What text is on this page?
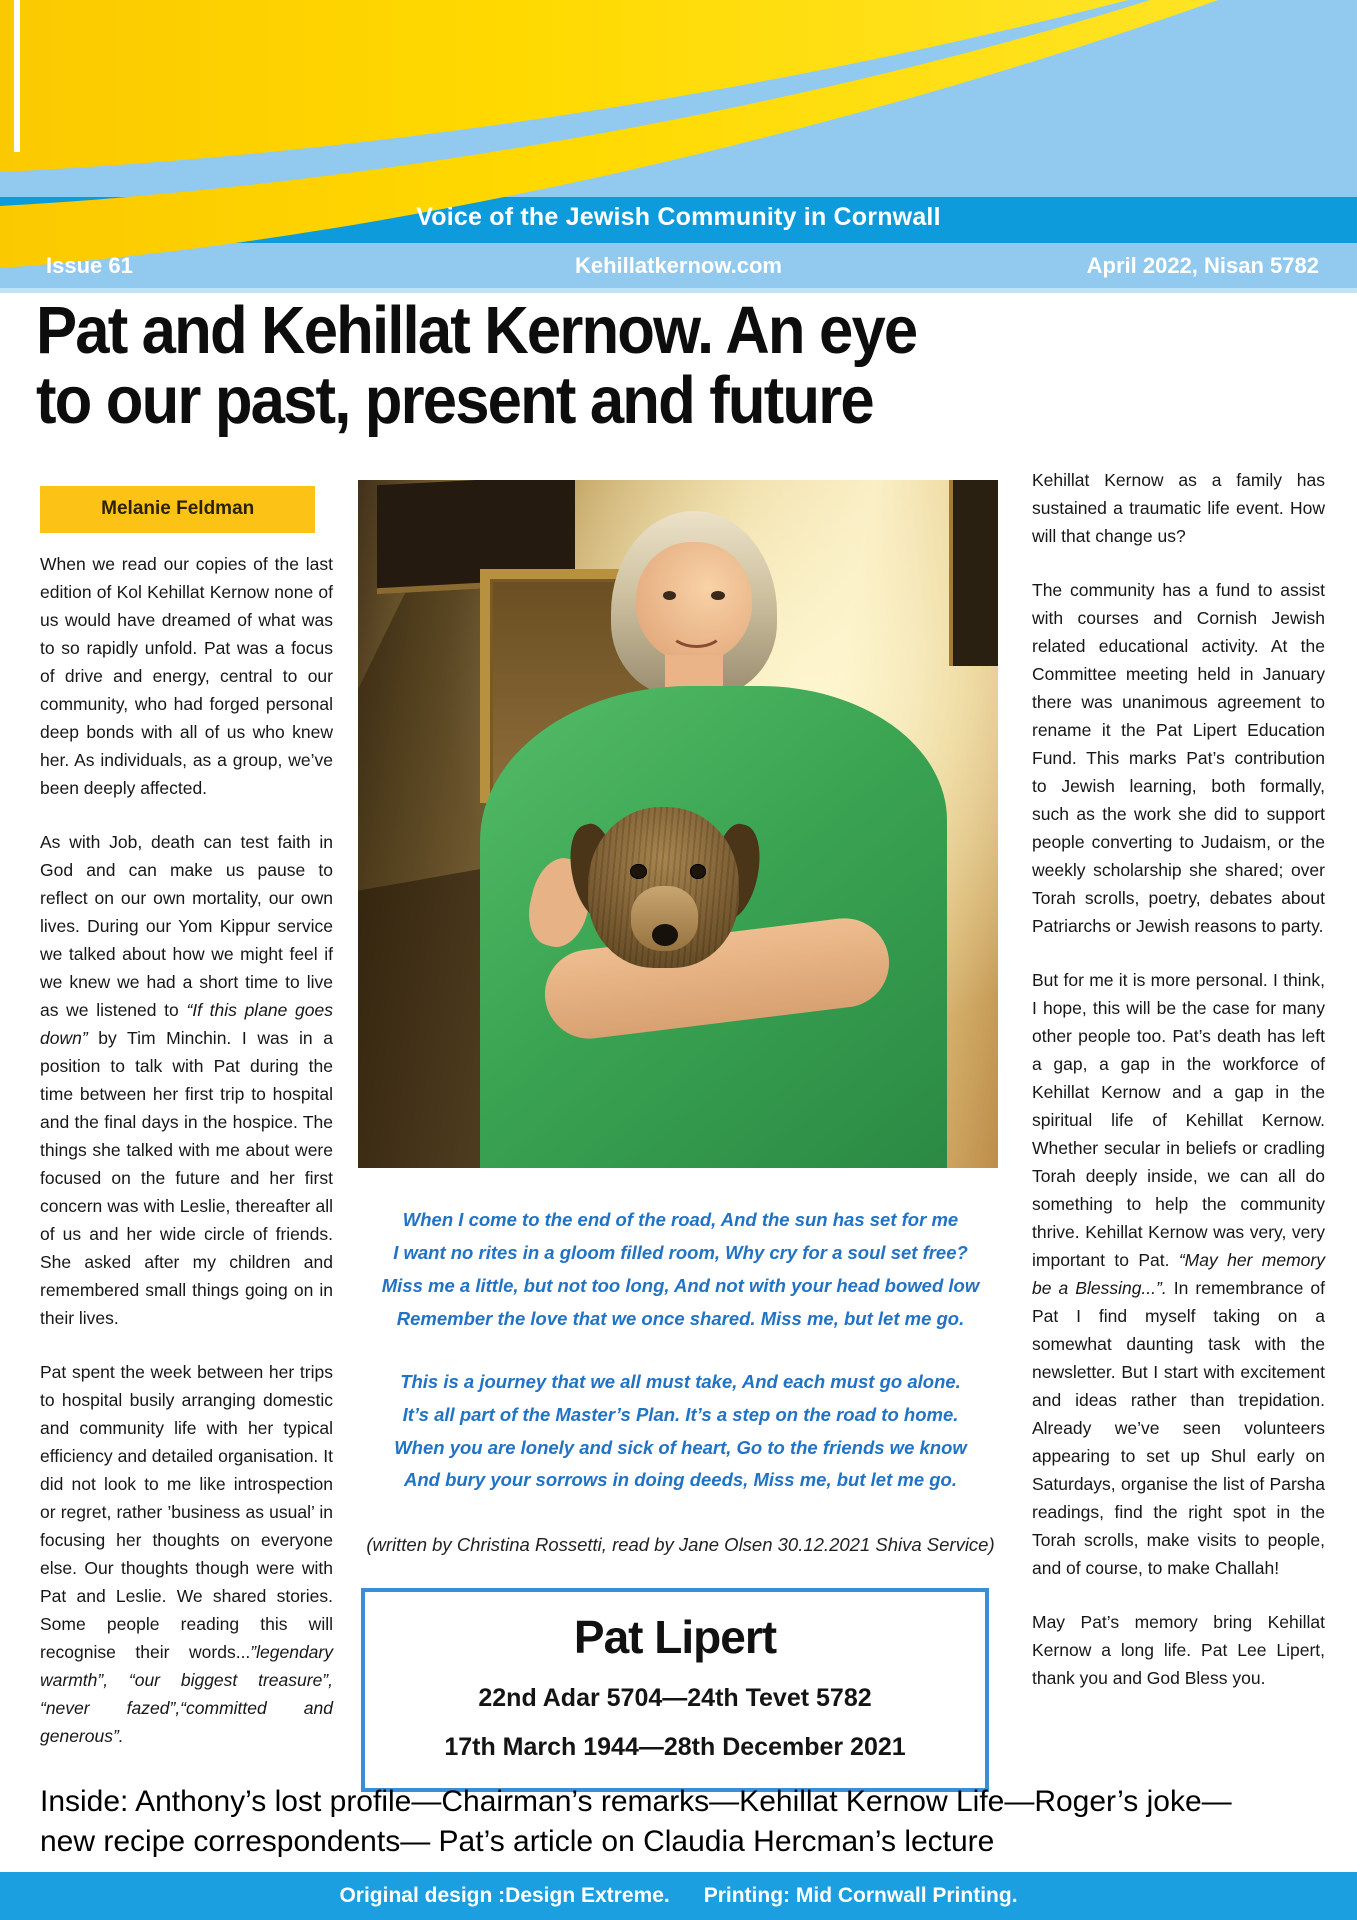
Voice of the Jewish Community in Cornwall
Issue 61	Kehillatkernow.com	April 2022, Nisan 5782
Pat and Kehillat Kernow. An eye
to our past, present and future
Melanie Feldman

When we read our copies of the last edition of Kol Kehillat Kernow none of us would have dreamed of what was to so rapidly unfold. Pat was a focus of drive and energy, central to our community, who had forged personal deep bonds with all of us who knew her. As individuals, as a group, we’ve been deeply affected.

As with Job, death can test faith in God and can make us pause to reflect on our own mortality, our own lives. During our Yom Kippur service we talked about how we might feel if we knew we had a short time to live as we listened to “If this plane goes down” by Tim Minchin. I was in a position to talk with Pat during the time between her first trip to hospital and the final days in the hospice. The things she talked with me about were focused on the future and her first concern was with Leslie, thereafter all of us and her wide circle of friends. She asked after my children and remembered small things going on in their lives.

Pat spent the week between her trips to hospital busily arranging domestic and community life with her typical efficiency and detailed organisation. It did not look to me like introspection or regret, rather ’business as usual’ in focusing her thoughts on everyone else. Our thoughts though were with Pat and Leslie. We shared stories. Some people reading this will recognise their words...”legendary warmth”, “our biggest treasure”, “never fazed”,“committed and generous”.

When I come to the end of the road, And the sun has set for me
I want no rites in a gloom filled room, Why cry for a soul set free?
Miss me a little, but not too long, And not with your head bowed low
Remember the love that we once shared. Miss me, but let me go.
This is a journey that we all must take, And each must go alone.
It’s all part of the Master’s Plan. It’s a step on the road to home.
When you are lonely and sick of heart, Go to the friends we know
And bury your sorrows in doing deeds, Miss me, but let me go.
(written by Christina Rossetti, read by Jane Olsen 30.12.2021 Shiva Service)
Pat Lipert
22nd Adar 5704—24th Tevet 5782
17th March 1944—28th December 2021

Kehillat Kernow as a family has sustained a traumatic life event. How will that change us?

The community has a fund to assist with courses and Cornish Jewish related educational activity. At the Committee meeting held in January there was unanimous agreement to rename it the Pat Lipert Education Fund. This marks Pat’s contribution to Jewish learning, both formally, such as the work she did to support people converting to Judaism, or the weekly scholarship she shared; over Torah scrolls, poetry, debates about Patriarchs or Jewish reasons to party.

But for me it is more personal. I think, I hope, this will be the case for many other people too. Pat’s death has left a gap, a gap in the workforce of Kehillat Kernow and a gap in the spiritual life of Kehillat Kernow. Whether secular in beliefs or cradling Torah deeply inside, we can all do something to help the community thrive. Kehillat Kernow was very, very important to Pat. “May her memory be a Blessing...”. In remembrance of Pat I find myself taking on a somewhat daunting task with the newsletter. But I start with excitement and ideas rather than trepidation. Already we’ve seen volunteers appearing to set up Shul early on Saturdays, organise the list of Parsha readings, find the right spot in the Torah scrolls, make visits to people, and of course, to make Challah!

May Pat’s memory bring Kehillat Kernow a long life. Pat Lee Lipert, thank you and God Bless you.

Inside: Anthony’s lost profile—Chairman’s remarks—Kehillat Kernow Life—Roger’s joke—
new recipe correspondents— Pat’s article on Claudia Hercman’s lecture
Original design :Design Extreme. Printing: Mid Cornwall Printing.
